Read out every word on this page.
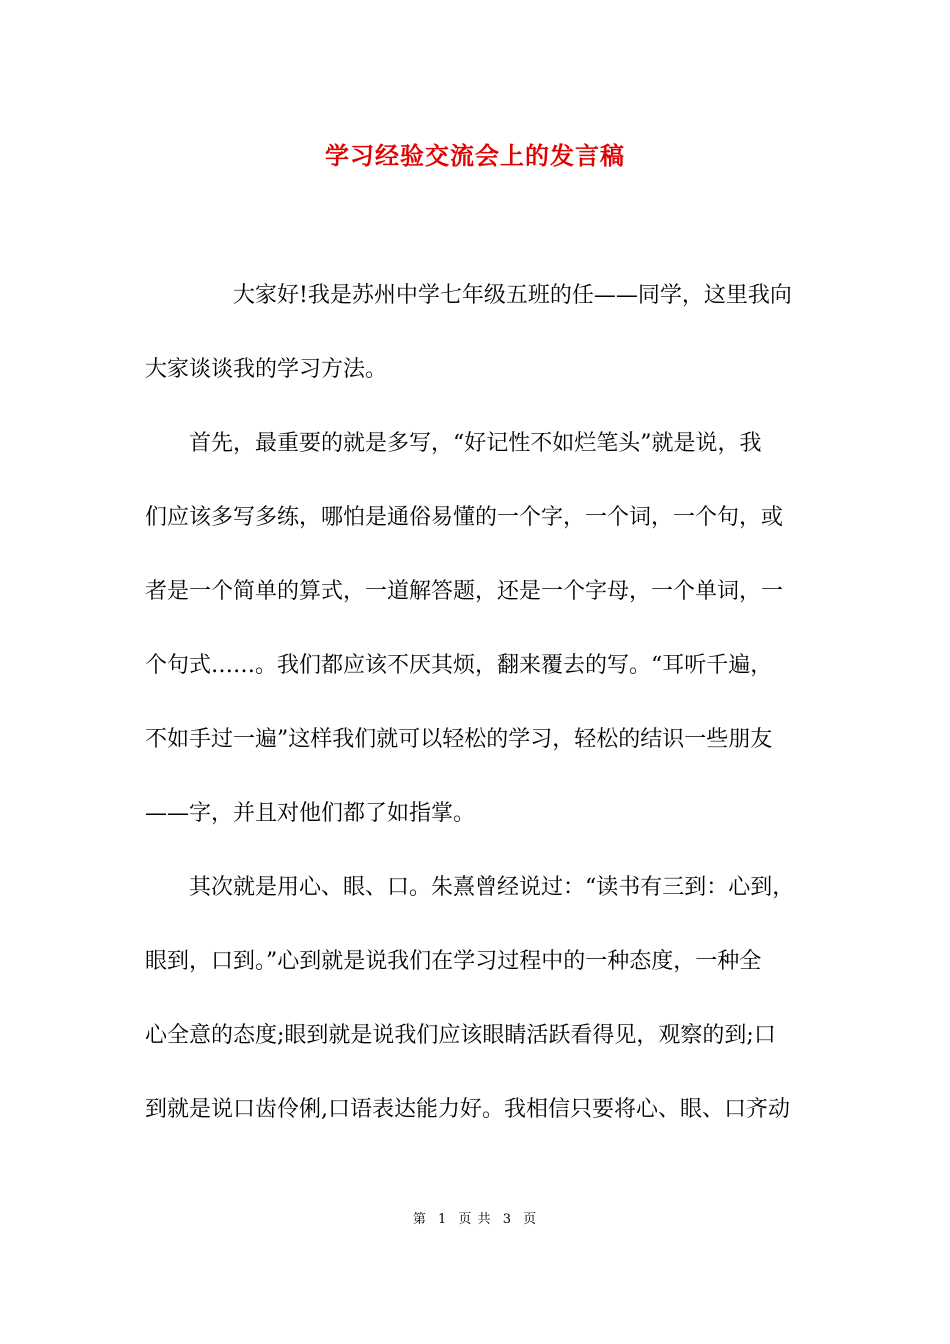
学习经验交流会上的发言稿
大家好!我是苏州中学七年级五班的任——同学，这里我向
大家谈谈我的学习方法。
首先，最重要的就是多写，“好记性不如烂笔头”就是说，我
们应该多写多练，哪怕是通俗易懂的一个字，一个词，一个句，或
者是一个简单的算式，一道解答题，还是一个字母，一个单词，一
个句式……。我们都应该不厌其烦，翻来覆去的写。“耳听千遍，
不如手过一遍”这样我们就可以轻松的学习，轻松的结识一些朋友
——字，并且对他们都了如指掌。
其次就是用心、眼、口。朱熹曾经说过：“读书有三到：心到，
眼到，口到。”心到就是说我们在学习过程中的一种态度，一种全
心全意的态度;眼到就是说我们应该眼睛活跃看得见，观察的到;口
到就是说口齿伶俐,口语表达能力好。我相信只要将心、眼、口齐动
第 1 页 共 3 页
